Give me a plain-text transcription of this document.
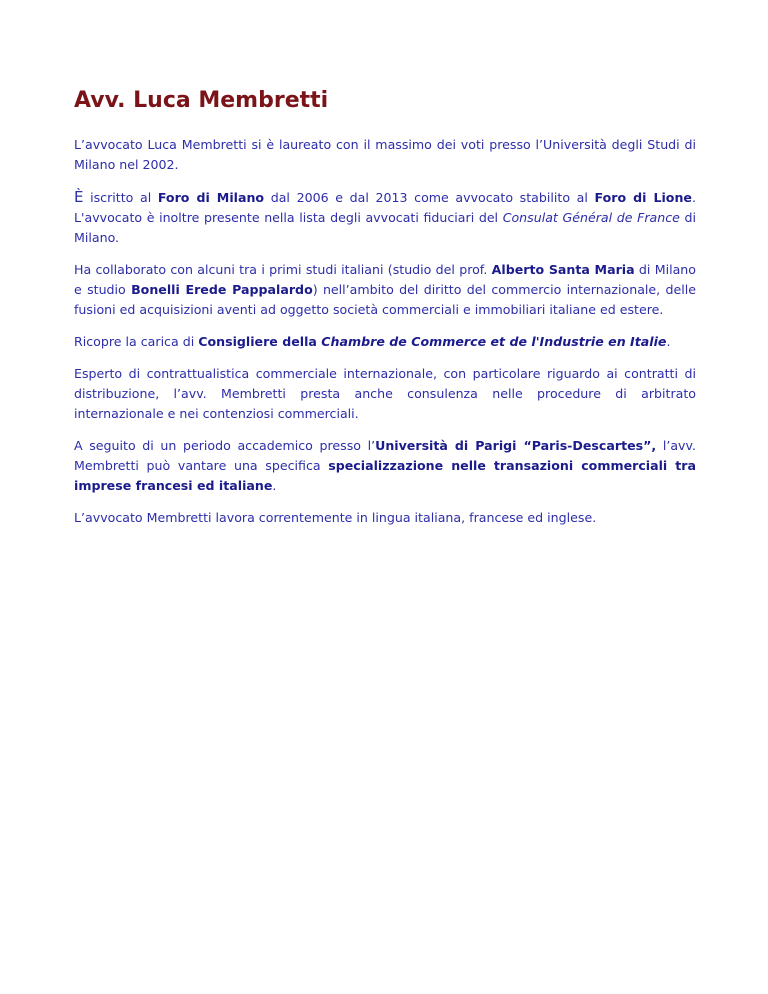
Avv. Luca Membretti

L’avvocato Luca Membretti si è laureato con il massimo dei voti presso l’Università degli Studi di Milano nel 2002.

È iscritto al Foro di Milano dal 2006 e dal 2013 come avvocato stabilito al Foro di Lione. L'avvocato è inoltre presente nella lista degli avvocati fiduciari del Consulat Général de France di Milano.

Ha collaborato con alcuni tra i primi studi italiani (studio del prof. Alberto Santa Maria di Milano e studio Bonelli Erede Pappalardo) nell’ambito del diritto del commercio internazionale, delle fusioni ed acquisizioni aventi ad oggetto società commerciali e immobiliari italiane ed estere.

Ricopre la carica di Consigliere della Chambre de Commerce et de l'Industrie en Italie.

Esperto di contrattualistica commerciale internazionale, con particolare riguardo ai contratti di distribuzione, l’avv. Membretti presta anche consulenza nelle procedure di arbitrato internazionale e nei contenziosi commerciali.

A seguito di un periodo accademico presso l’Università di Parigi “Paris-Descartes”, l’avv. Membretti può vantare una specifica specializzazione nelle transazioni commerciali tra imprese francesi ed italiane.

L’avvocato Membretti lavora correntemente in lingua italiana, francese ed inglese.
